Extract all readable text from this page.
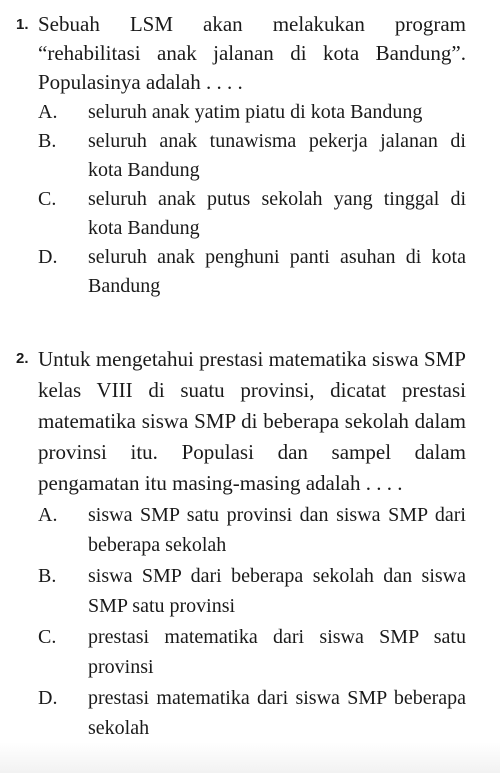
1. Sebuah LSM akan melakukan program “rehabilitasi anak jalanan di kota Bandung”. Populasinya adalah . . . .
A. seluruh anak yatim piatu di kota Bandung
B. seluruh anak tunawisma pekerja jalanan di kota Bandung
C. seluruh anak putus sekolah yang tinggal di kota Bandung
D. seluruh anak penghuni panti asuhan di kota Bandung
2. Untuk mengetahui prestasi matematika siswa SMP kelas VIII di suatu provinsi, dicatat prestasi matematika siswa SMP di beberapa sekolah dalam provinsi itu. Populasi dan sampel dalam pengamatan itu masing-masing adalah . . . .
A. siswa SMP satu provinsi dan siswa SMP dari beberapa sekolah
B. siswa SMP dari beberapa sekolah dan siswa SMP satu provinsi
C. prestasi matematika dari siswa SMP satu provinsi
D. prestasi matematika dari siswa SMP beberapa sekolah
